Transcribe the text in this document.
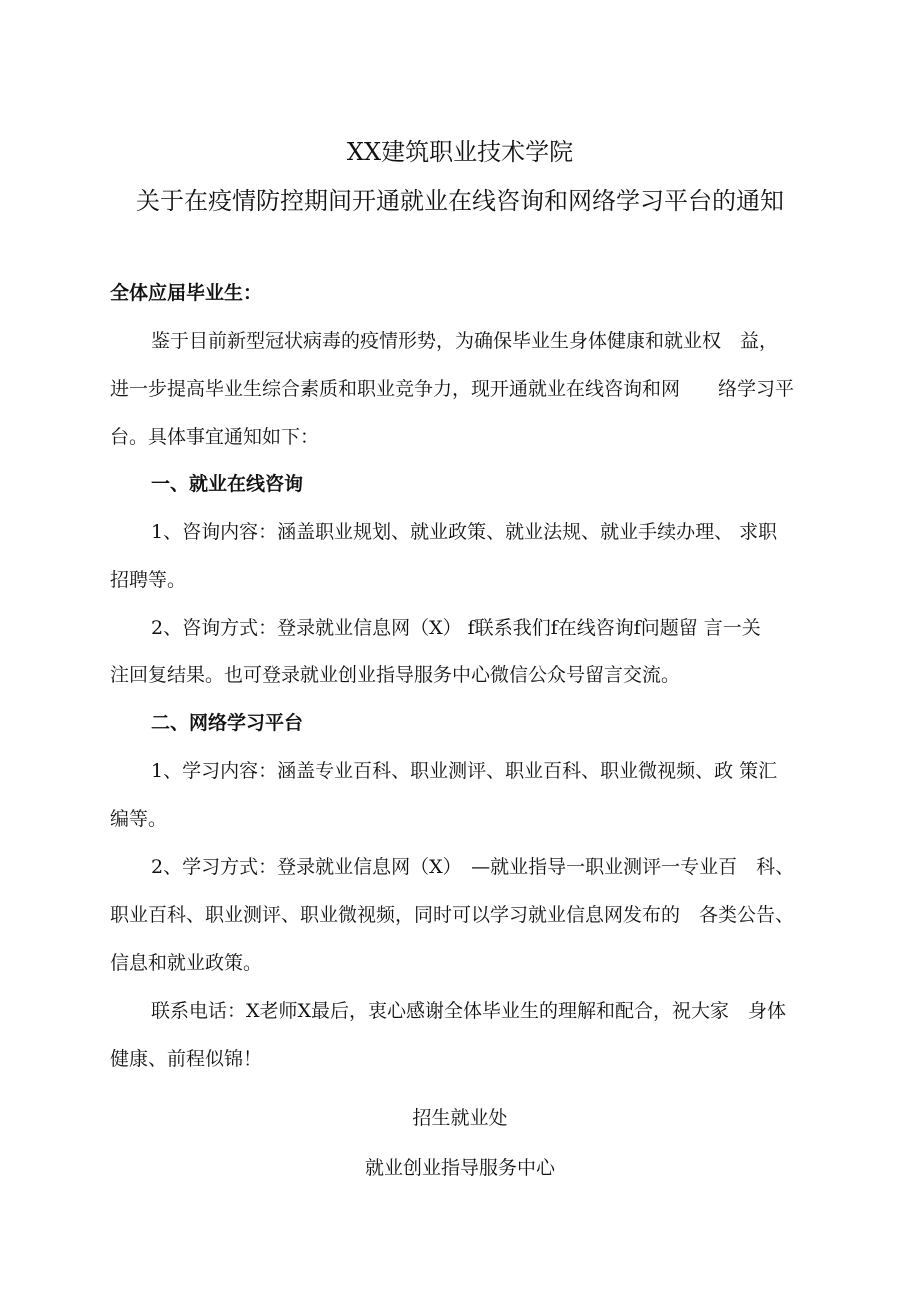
XX建筑职业技术学院
关于在疫情防控期间开通就业在线咨询和网络学习平台的通知
全体应届毕业生：
鉴于目前新型冠状病毒的疫情形势，为确保毕业生身体健康和就业权　益，
进一步提高毕业生综合素质和职业竞争力，现开通就业在线咨询和网　　络学习平
台。具体事宜通知如下：
一、就业在线咨询
1、咨询内容：涵盖职业规划、就业政策、就业法规、就业手续办理、 求职
招聘等。
2、咨询方式：登录就业信息网（X） f联系我们f在线咨询f问题留 言一关
注回复结果。也可登录就业创业指导服务中心微信公众号留言交流。
二、网络学习平台
1、学习内容：涵盖专业百科、职业测评、职业百科、职业微视频、政 策汇
编等。
2、学习方式：登录就业信息网（X）　—就业指导一职业测评一专业百　科、
职业百科、职业测评、职业微视频，同时可以学习就业信息网发布的　各类公告、
信息和就业政策。
联系电话：X老师X最后，衷心感谢全体毕业生的理解和配合，祝大家　身体
健康、前程似锦！
招生就业处
就业创业指导服务中心
